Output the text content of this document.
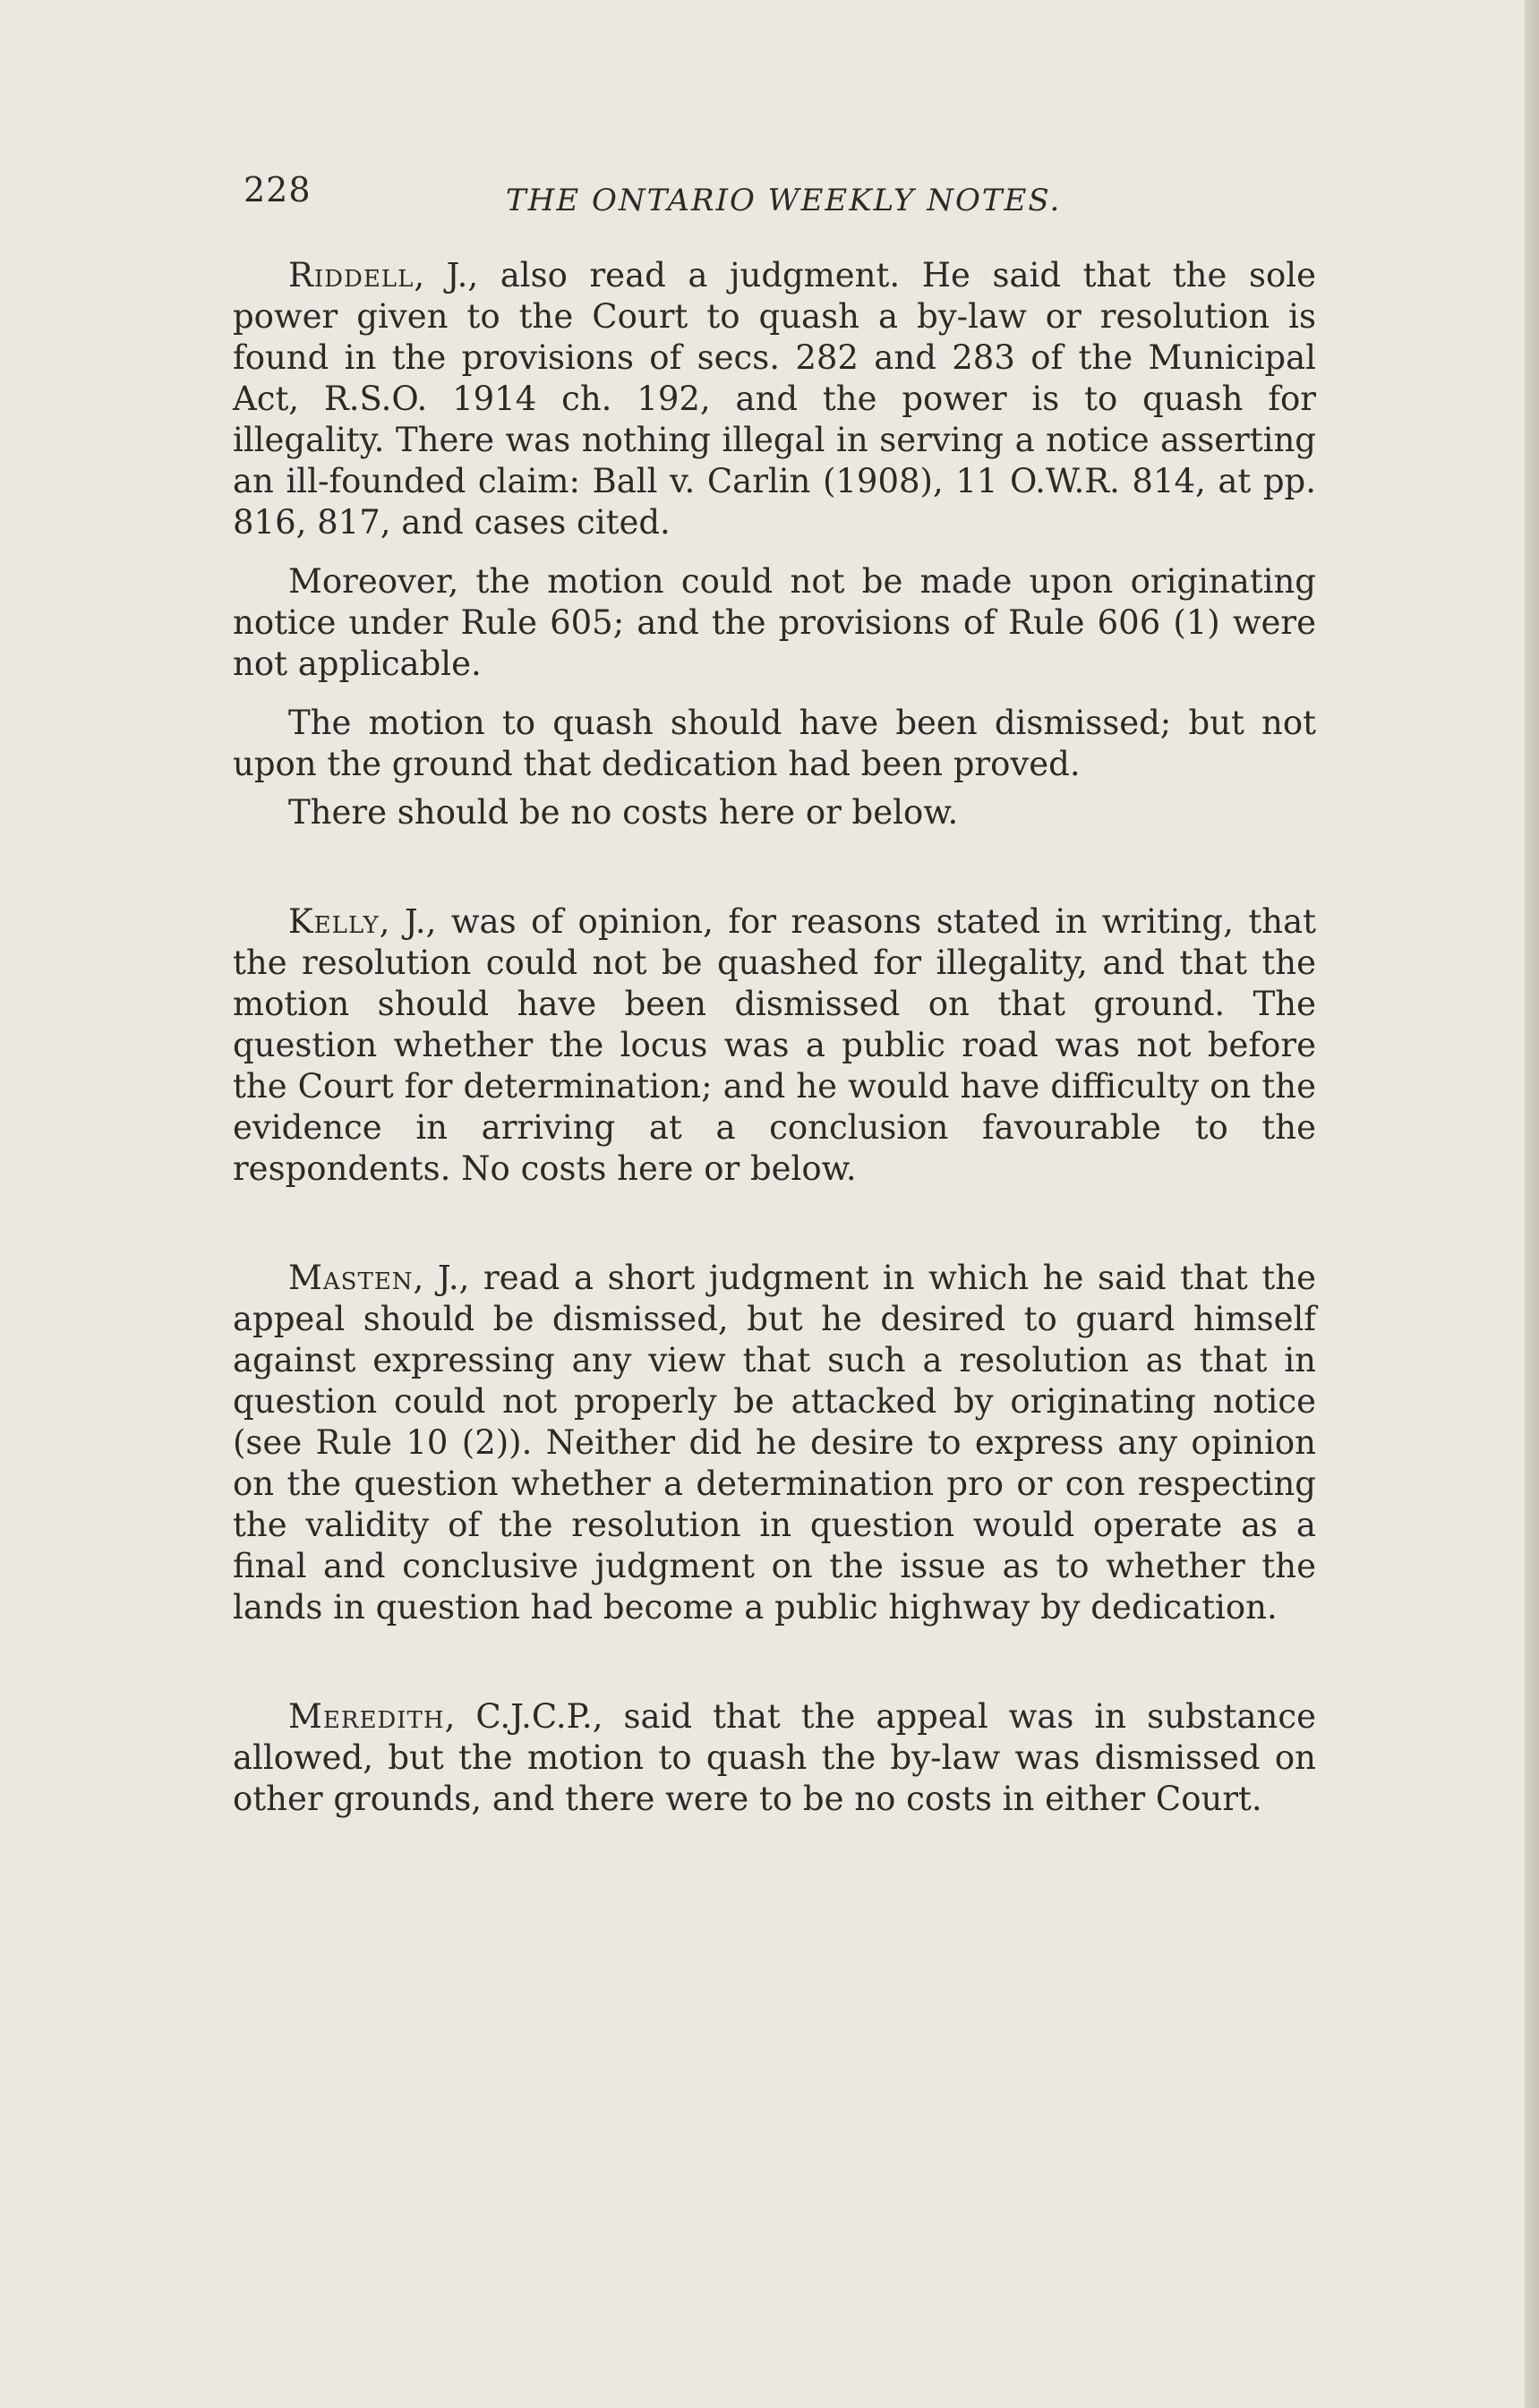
228	THE ONTARIO WEEKLY NOTES.

Riddell, J., also read a judgment. He said that the sole power given to the Court to quash a by-law or resolution is found in the provisions of secs. 282 and 283 of the Municipal Act, R.S.O. 1914 ch. 192, and the power is to quash for illegality. There was nothing illegal in serving a notice asserting an ill-founded claim: Ball v. Carlin (1908), 11 O.W.R. 814, at pp. 816, 817, and cases cited.

Moreover, the motion could not be made upon originating notice under Rule 605; and the provisions of Rule 606 (1) were not applicable.

The motion to quash should have been dismissed; but not upon the ground that dedication had been proved.

There should be no costs here or below.

Kelly, J., was of opinion, for reasons stated in writing, that the resolution could not be quashed for illegality, and that the motion should have been dismissed on that ground. The question whether the locus was a public road was not before the Court for determination; and he would have difficulty on the evidence in arriving at a conclusion favourable to the respondents. No costs here or below.

Masten, J., read a short judgment in which he said that the appeal should be dismissed, but he desired to guard himself against expressing any view that such a resolution as that in question could not properly be attacked by originating notice (see Rule 10 (2)). Neither did he desire to express any opinion on the question whether a determination pro or con respecting the validity of the resolution in question would operate as a final and conclusive judgment on the issue as to whether the lands in question had become a public highway by dedication.

Meredith, C.J.C.P., said that the appeal was in substance allowed, but the motion to quash the by-law was dismissed on other grounds, and there were to be no costs in either Court.
